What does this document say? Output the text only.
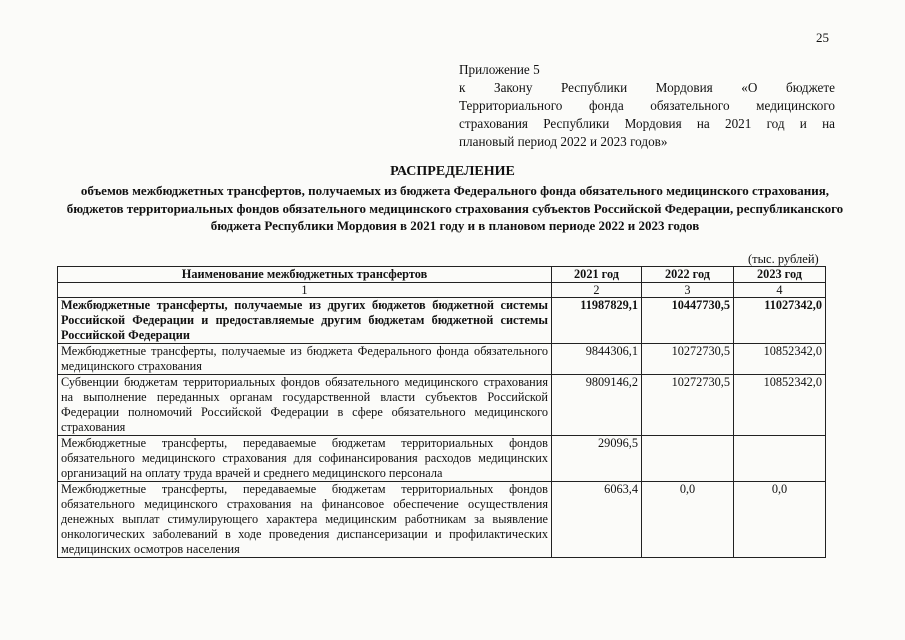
25
Приложение 5
к Закону Республики Мордовия «О бюджете
Территориального фонда обязательного медицинского
страхования Республики Мордовия на 2021 год и на
плановый период 2022 и 2023 годов»
РАСПРЕДЕЛЕНИЕ
объемов межбюджетных трансфертов, получаемых из бюджета Федерального фонда обязательного медицинского страхования, бюджетов территориальных фондов обязательного медицинского страхования субъектов Российской Федерации, республиканского бюджета Республики Мордовия в 2021 году и в плановом периоде 2022 и 2023 годов
(тыс. рублей)
Наименование межбюджетных трансфертов	2021 год	2022 год	2023 год
1	2	3	4
Межбюджетные трансферты, получаемые из других бюджетов бюджетной системы Российской Федерации и предоставляемые другим бюджетам бюджетной системы Российской Федерации	11987829,1	10447730,5	11027342,0
Межбюджетные трансферты, получаемые из бюджета Федерального фонда обязательного медицинского страхования	9844306,1	10272730,5	10852342,0
Субвенции бюджетам территориальных фондов обязательного медицинского страхования на выполнение переданных органам государственной власти субъектов Российской Федерации полномочий Российской Федерации в сфере обязательного медицинского страхования	9809146,2	10272730,5	10852342,0
Межбюджетные трансферты, передаваемые бюджетам территориальных фондов обязательного медицинского страхования для софинансирования расходов медицинских организаций на оплату труда врачей и среднего медицинского персонала	29096,5		
Межбюджетные трансферты, передаваемые бюджетам территориальных фондов обязательного медицинского страхования на финансовое обеспечение осуществления денежных выплат стимулирующего характера медицинским работникам за выявление онкологических заболеваний в ходе проведения диспансеризации и профилактических медицинских осмотров населения	6063,4	0,0	0,0
